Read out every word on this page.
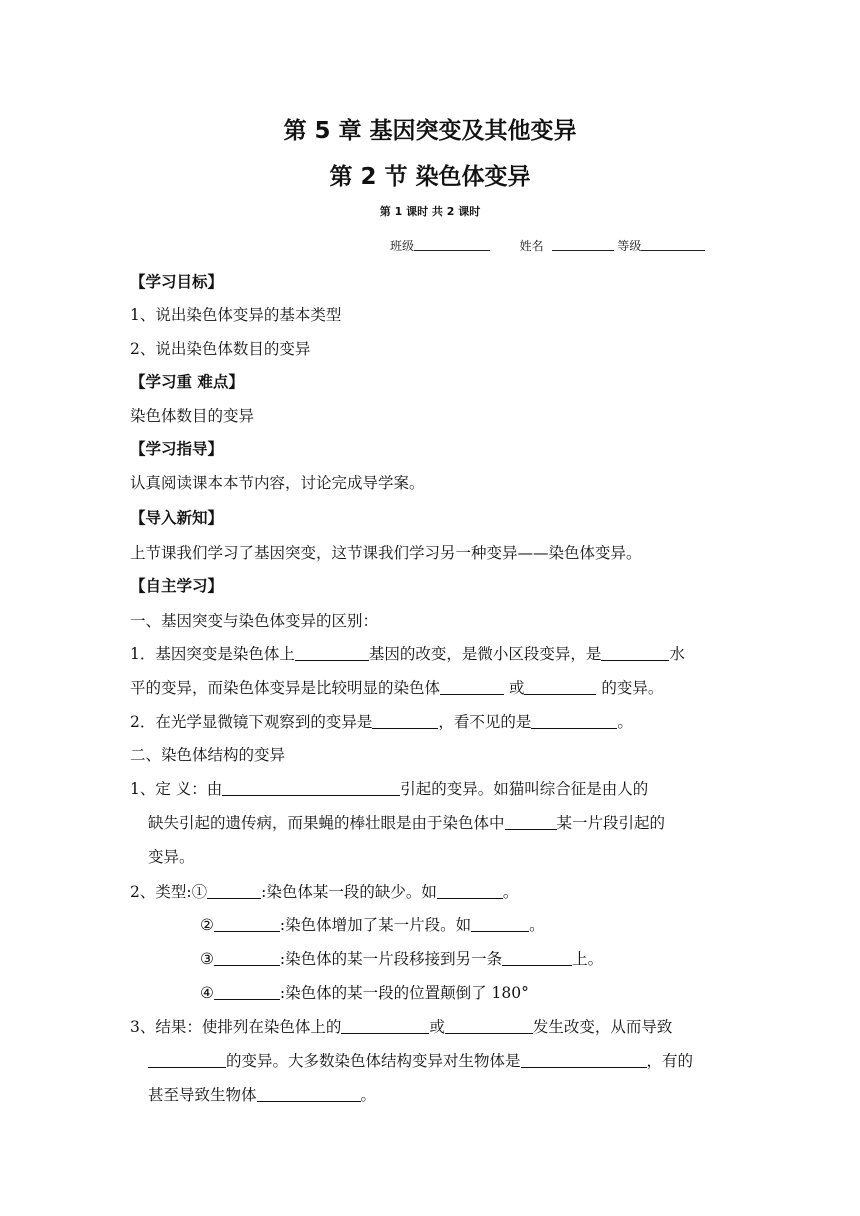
第 5 章 基因突变及其他变异
第 2 节 染色体变异
第 1 课时 共 2 课时
班级	姓名	等级
【学习目标】
1、说出染色体变异的基本类型
2、说出染色体数目的变异
【学习重 难点】
染色体数目的变异
【学习指导】
认真阅读课本本节内容，讨论完成导学案。
【导入新知】
上节课我们学习了基因突变，这节课我们学习另一种变异——染色体变异。
【自主学习】
一、基因突变与染色体变异的区别：
1．基因突变是染色体上	基因的改变，是微小区段变异，是	水
平的变异，而染色体变异是比较明显的染色体	或	的变异。
2．在光学显微镜下观察到的变异是	，看不见的是	。
二、染色体结构的变异
1、定 义：由	引起的变异。如猫叫综合征是由人的
缺失引起的遗传病，而果蝇的棒壮眼是由于染色体中	某一片段引起的
变异。
2、类型:①	:染色体某一段的缺少。如	。
②	:染色体增加了某一片段。如	。
③	:染色体的某一片段移接到另一条	上。
④	:染色体的某一段的位置颠倒了 180°
3、结果：使排列在染色体上的	或	发生改变，从而导致
的变异。大多数染色体结构变异对生物体是	，有的
甚至导致生物体	。
